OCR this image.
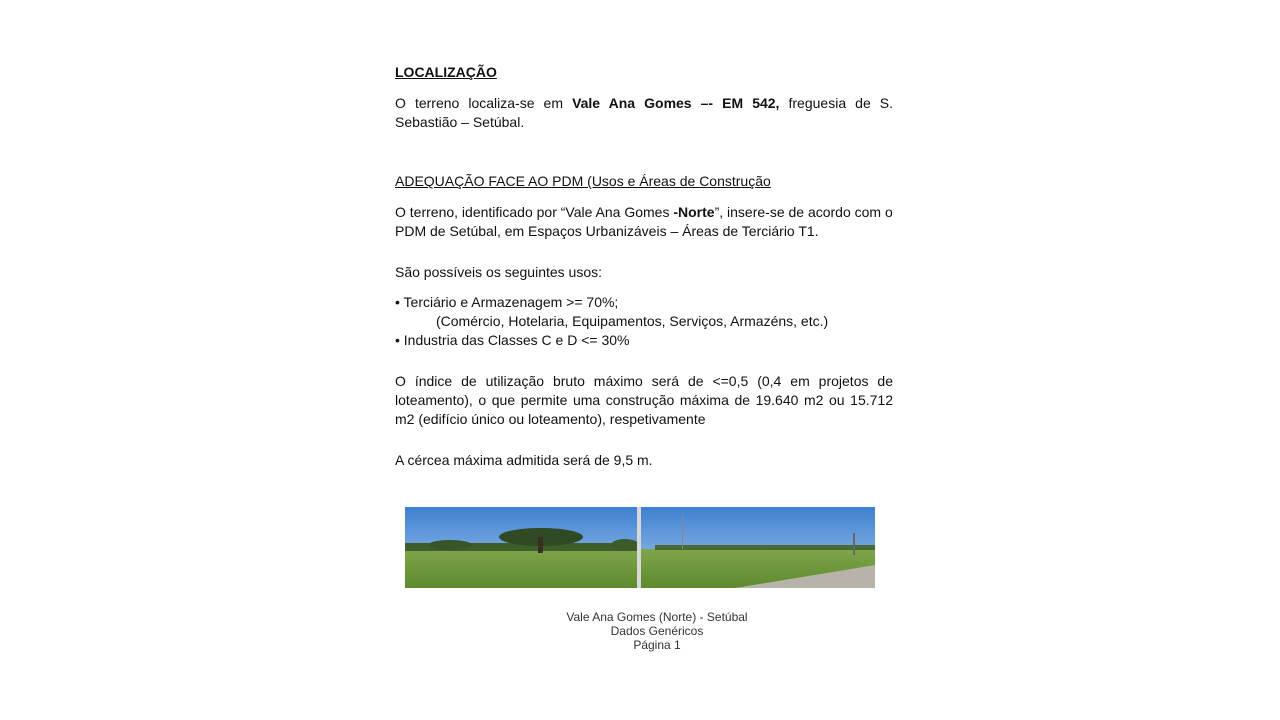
LOCALIZAÇÃO
O terreno localiza-se em Vale Ana Gomes –- EM 542, freguesia de S. Sebastião – Setúbal.
ADEQUAÇÃO FACE AO PDM (Usos e Áreas de Construção
O terreno, identificado por “Vale Ana Gomes -Norte”, insere-se de acordo com o PDM de Setúbal, em Espaços Urbanizáveis – Áreas de Terciário T1.
São possíveis os seguintes usos:
• Terciário e Armazenagem >= 70%;
(Comércio, Hotelaria, Equipamentos, Serviços, Armazéns, etc.)
• Industria das Classes C e D <= 30%
O índice de utilização bruto máximo será de <=0,5 (0,4 em projetos de loteamento), o que permite uma construção máxima de 19.640 m2 ou 15.712 m2 (edifício único ou loteamento), respetivamente
A cércea máxima admitida será de 9,5 m.
Vale Ana Gomes (Norte) - Setúbal
Dados Genéricos
Página 1
